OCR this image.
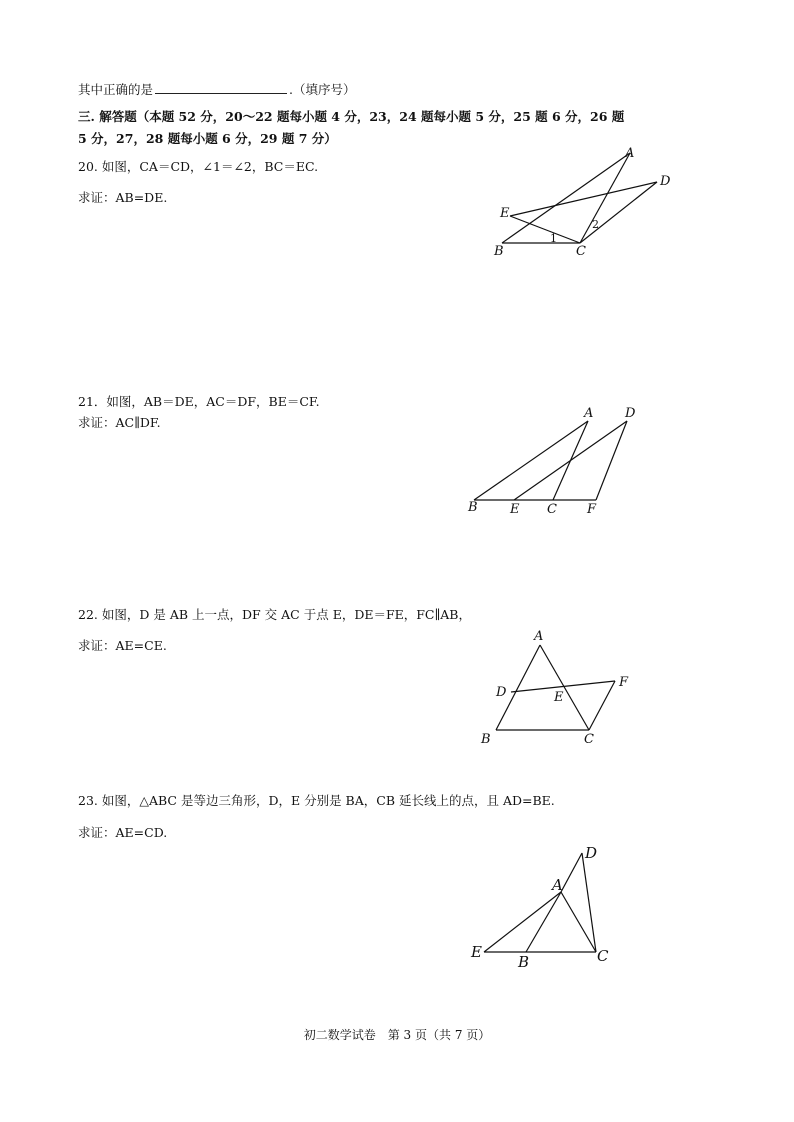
其中正确的是	.（填序号）
三. 解答题（本题 52 分，20～22 题每小题 4 分，23，24 题每小题 5 分，25 题 6 分，26 题
5 分，27，28 题每小题 6 分，29 题 7 分）
20. 如图，CA＝CD，∠1＝∠2，BC＝EC.
求证：AB=DE.
A
D
E
B	C
1
2
21．如图，AB＝DE，AC＝DF，BE＝CF.
求证：AC∥DF.
A D
B E C F
22. 如图，D 是 AB 上一点，DF 交 AC 于点 E，DE＝FE，FC∥AB，
求证：AE=CE.
A
D	E
F
B	C
23. 如图，△ABC 是等边三角形，D，E 分别是 BA，CB 延长线上的点，且 AD=BE.
求证：AE=CD.
D
A
E
B	C
初二数学试卷　第 3 页（共 7 页）
